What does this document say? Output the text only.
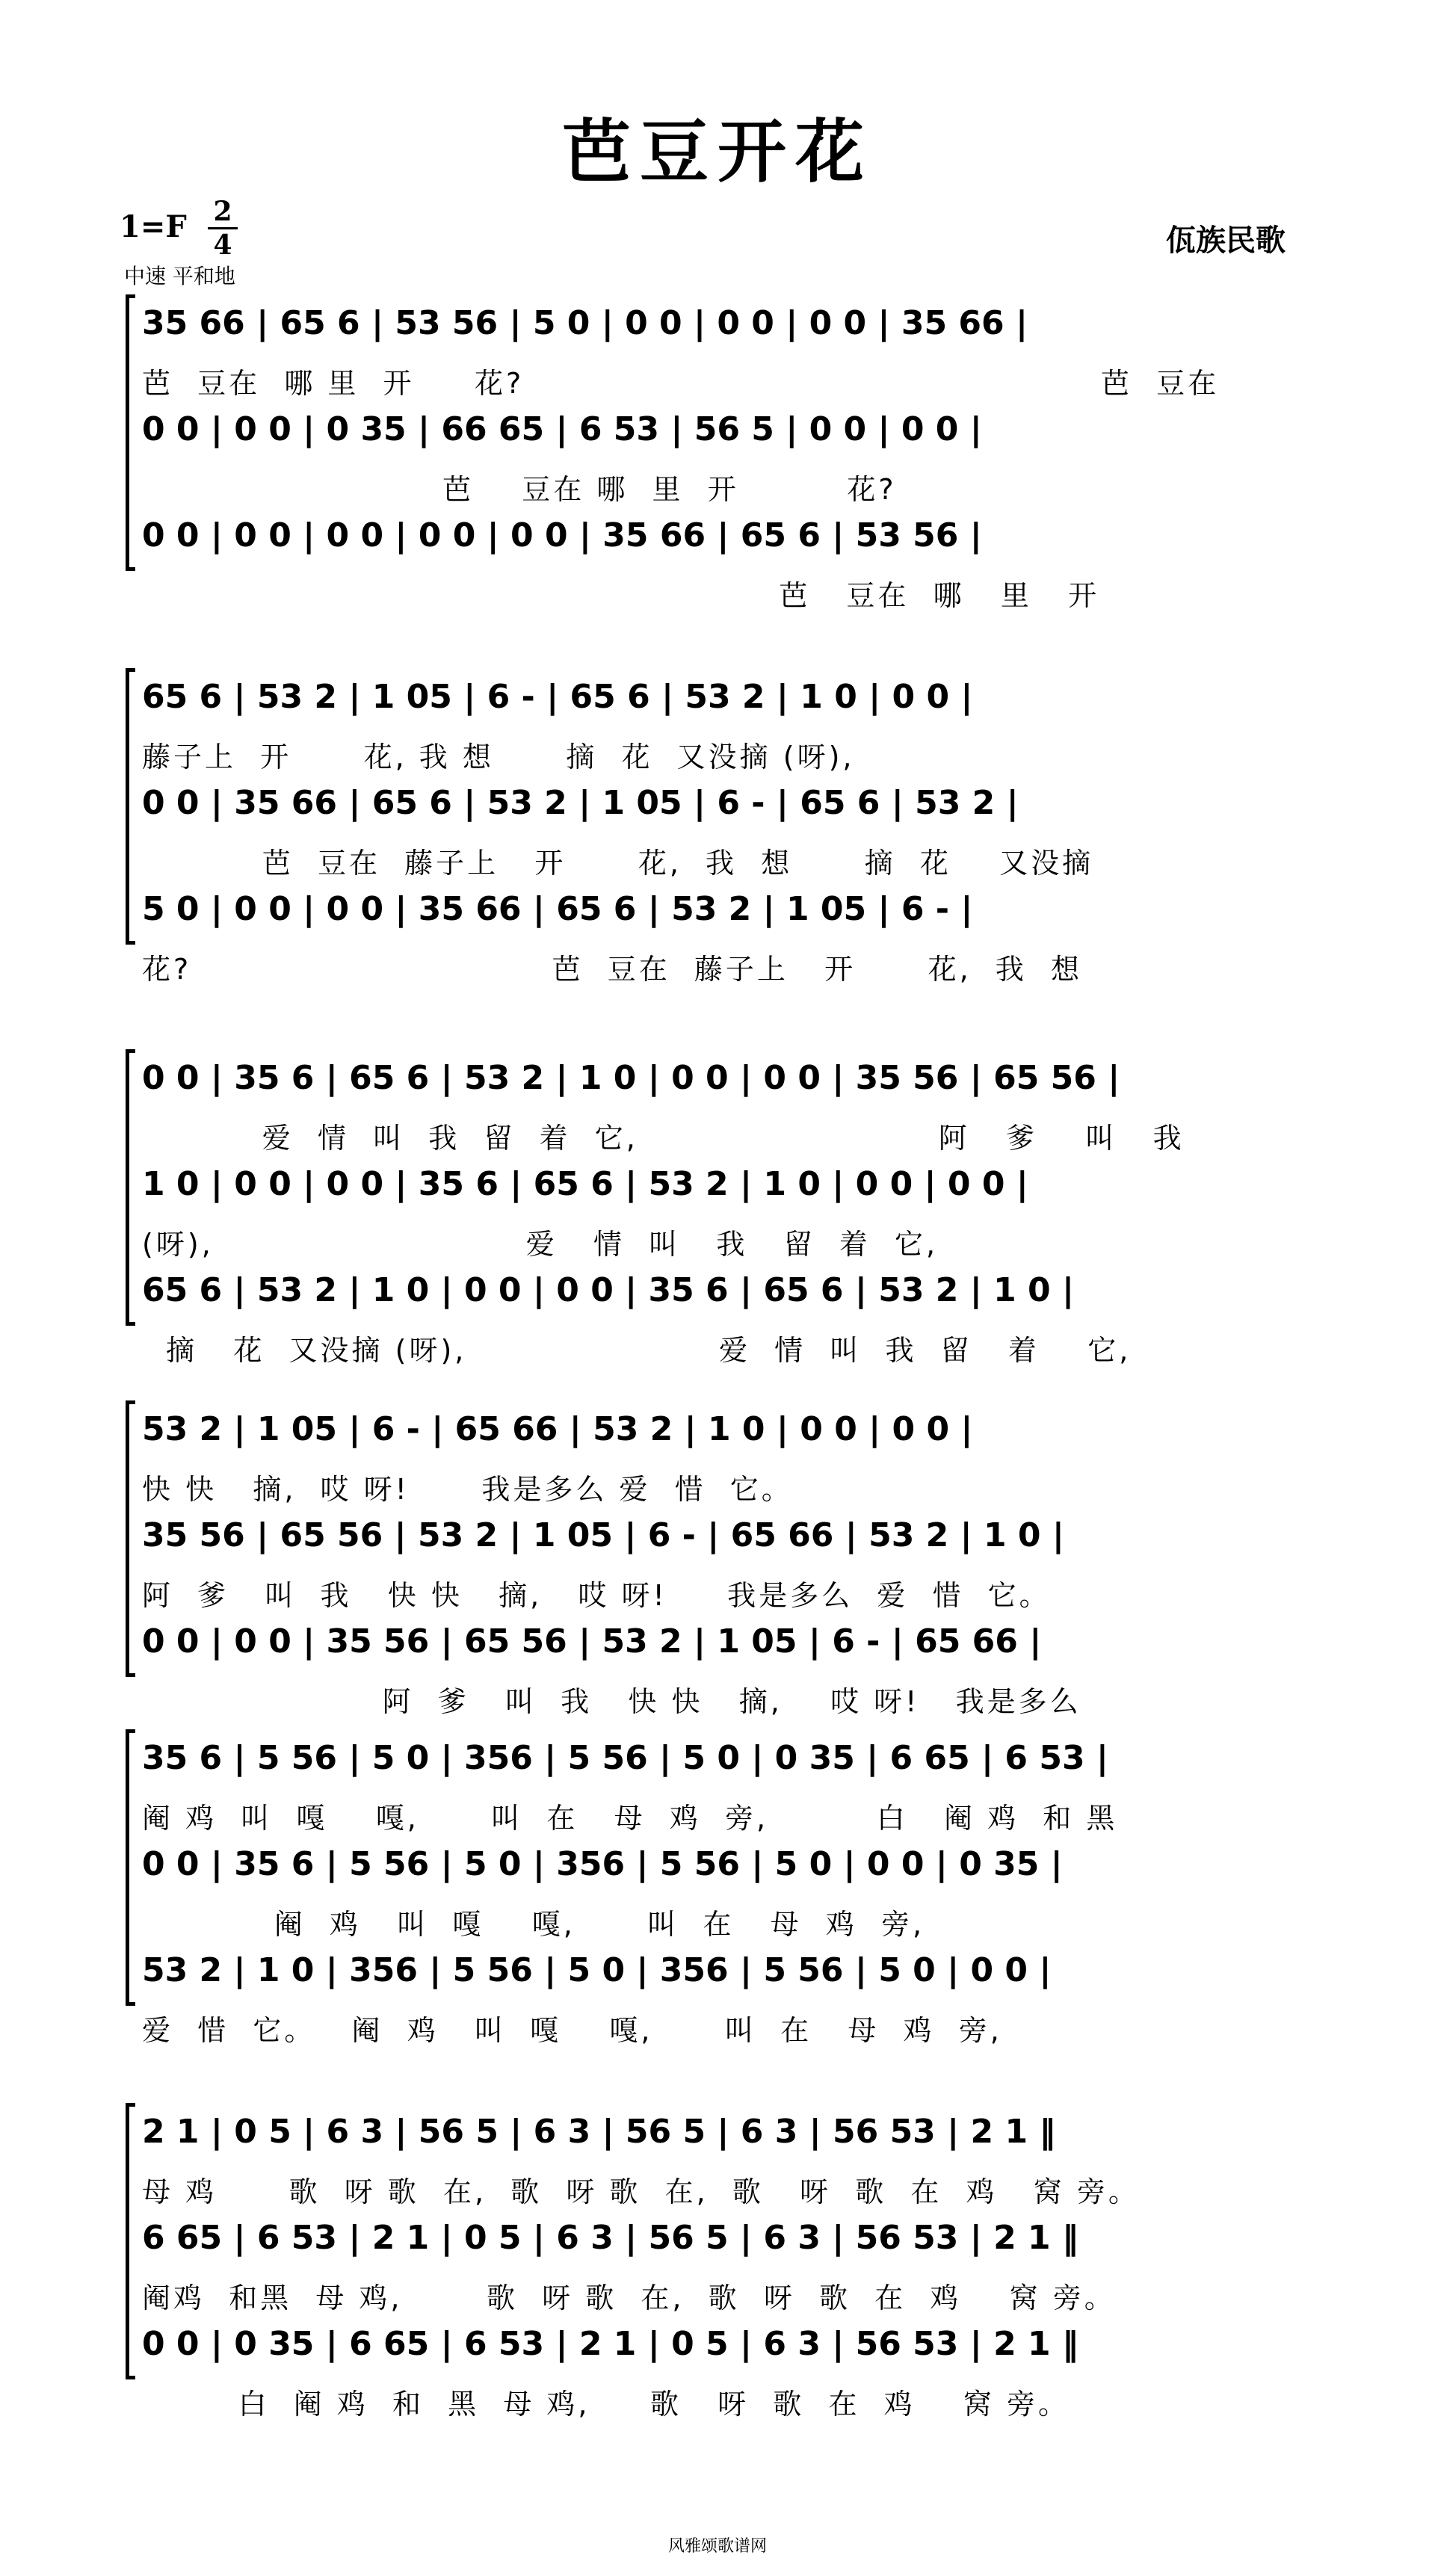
芭豆开花
$1=F \frac{2}{4}$
中速 平和地
佤族民歌
35 66 | 65 6 | 53 56 | 5 0 | 0 0 | 0 0 | 0 0 | 35 66 |
芭  豆在  哪 里  开     花?                                                芭  豆在
0 0 | 0 0 | 0 35 | 66 65 | 6 53 | 56 5 | 0 0 | 0 0 |
芭    豆在 哪  里  开         花?
0 0 | 0 0 | 0 0 | 0 0 | 0 0 | 35 66 | 65 6 | 53 56 |
芭   豆在  哪   里   开
65 6 | 53 2 | 1 05 | 6 - | 65 6 | 53 2 | 1 0 | 0 0 |
藤子上  开      花, 我 想      摘  花  又没摘 (呀),
0 0 | 35 66 | 65 6 | 53 2 | 1 05 | 6 - | 65 6 | 53 2 |
芭  豆在  藤子上   开      花,  我  想      摘  花    又没摘
5 0 | 0 0 | 0 0 | 35 66 | 65 6 | 53 2 | 1 05 | 6 - |
花?                              芭  豆在  藤子上   开      花,  我  想
0 0 | 35 6 | 65 6 | 53 2 | 1 0 | 0 0 | 0 0 | 35 56 | 65 56 |
爱  情  叫  我  留  着  它,                         阿   爹    叫   我
1 0 | 0 0 | 0 0 | 35 6 | 65 6 | 53 2 | 1 0 | 0 0 | 0 0 |
(呀),                          爱   情  叫   我   留  着  它,
65 6 | 53 2 | 1 0 | 0 0 | 0 0 | 35 6 | 65 6 | 53 2 | 1 0 |
摘   花  又没摘 (呀),                     爱  情  叫  我  留   着    它,
53 2 | 1 05 | 6 - | 65 66 | 53 2 | 1 0 | 0 0 | 0 0 |
快 快   摘,  哎 呀!      我是多么 爱  惜  它。
35 56 | 65 56 | 53 2 | 1 05 | 6 - | 65 66 | 53 2 | 1 0 |
阿  爹   叫  我   快 快   摘,   哎 呀!     我是多么  爱  惜  它。
0 0 | 0 0 | 35 56 | 65 56 | 53 2 | 1 05 | 6 - | 65 66 |
阿  爹   叫  我   快 快   摘,    哎 呀!   我是多么
35 6 | 5 56 | 5 0 | 356 | 5 56 | 5 0 | 0 35 | 6 65 | 6 53 |
阉 鸡  叫  嘎    嘎,      叫  在   母  鸡  旁,         白   阉 鸡  和 黑
0 0 | 35 6 | 5 56 | 5 0 | 356 | 5 56 | 5 0 | 0 0 | 0 35 |
阉  鸡   叫  嘎    嘎,      叫  在   母  鸡  旁,
53 2 | 1 0 | 356 | 5 56 | 5 0 | 356 | 5 56 | 5 0 | 0 0 |
爱  惜  它。   阉  鸡   叫  嘎    嘎,      叫  在   母  鸡  旁,
2 1 | 0 5 | 6 3 | 56 5 | 6 3 | 56 5 | 6 3 | 56 53 | 2 1 ‖
母 鸡      歌  呀 歌  在,  歌  呀 歌  在,  歌   呀  歌  在  鸡   窝 旁。
6 65 | 6 53 | 2 1 | 0 5 | 6 3 | 56 5 | 6 3 | 56 53 | 2 1 ‖
阉鸡  和黑  母 鸡,       歌  呀 歌  在,  歌  呀  歌  在  鸡    窝 旁。
0 0 | 0 35 | 6 65 | 6 53 | 2 1 | 0 5 | 6 3 | 56 53 | 2 1 ‖
白  阉 鸡  和  黑  母 鸡,     歌   呀  歌  在  鸡    窝 旁。
风雅颂歌谱网
